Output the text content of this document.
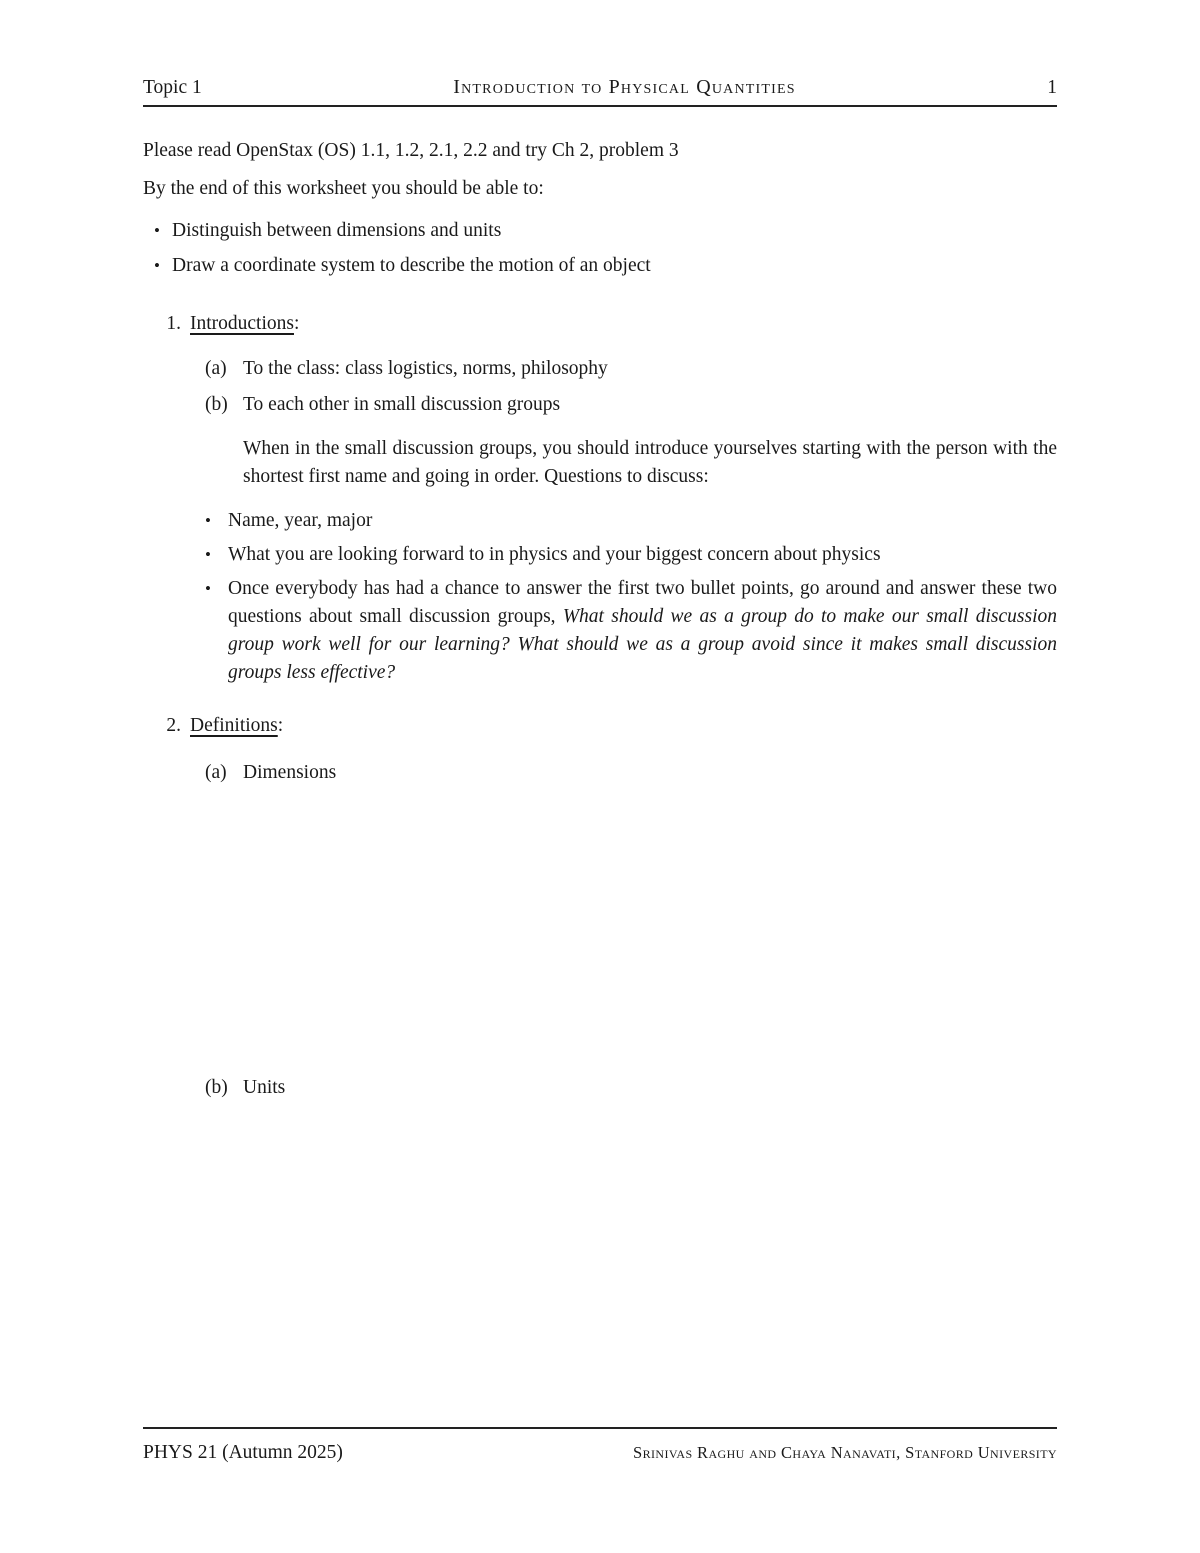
Topic 1	Introduction to Physical Quantities	1

Please read OpenStax (OS) 1.1, 1.2, 2.1, 2.2 and try Ch 2, problem 3

By the end of this worksheet you should be able to:

• Distinguish between dimensions and units
• Draw a coordinate system to describe the motion of an object
1. Introductions:
(a) To the class: class logistics, norms, philosophy
(b) To each other in small discussion groups

When in the small discussion groups, you should introduce yourselves starting with the person with the shortest first name and going in order. Questions to discuss:

• Name, year, major
• What you are looking forward to in physics and your biggest concern about physics
• Once everybody has had a chance to answer the first two bullet points, go around and answer these two questions about small discussion groups, What should we as a group do to make our small discussion group work well for our learning? What should we as a group avoid since it makes small discussion groups less effective?
2. Definitions:
(a) Dimensions
(b) Units
PHYS 21 (Autumn 2025)	Srinivas Raghu and Chaya Nanavati, Stanford University
